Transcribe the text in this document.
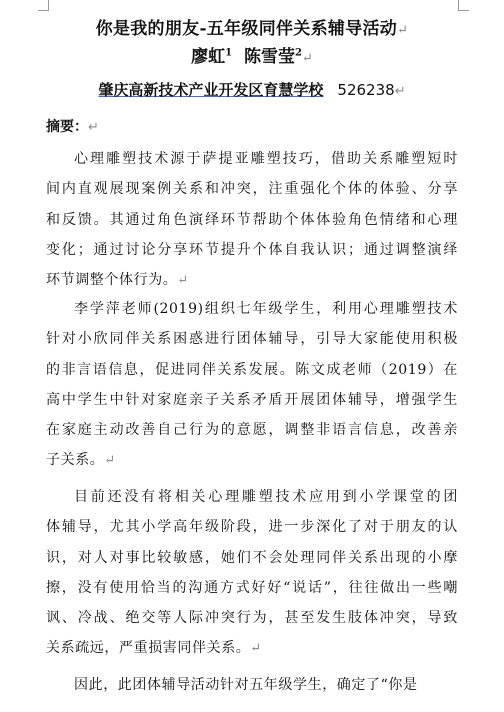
你是我的朋友-五年级同伴关系辅导活动↵
廖虹$^1$ 陈雪莹$^2$↵
肇庆高新技术产业开发区育慧学校 526238↵
摘要：↵
心理雕塑技术源于萨提亚雕塑技巧，借助关系雕塑短时
间内直观展现案例关系和冲突，注重强化个体的体验、分享
和反馈。其通过角色演绎环节帮助个体体验角色情绪和心理
变化；通过讨论分享环节提升个体自我认识；通过调整演绎
环节调整个体行为。↵
李学萍老师(2019)组织七年级学生，利用心理雕塑技术
针对小欣同伴关系困惑进行团体辅导，引导大家能使用积极
的非言语信息，促进同伴关系发展。陈文成老师（2019）在
高中学生中针对家庭亲子关系矛盾开展团体辅导，增强学生
在家庭主动改善自己行为的意愿，调整非语言信息，改善亲
子关系。↵
目前还没有将相关心理雕塑技术应用到小学课堂的团
体辅导，尤其小学高年级阶段，进一步深化了对于朋友的认
识，对人对事比较敏感，她们不会处理同伴关系出现的小摩
擦，没有使用恰当的沟通方式好好“说话”，往往做出一些嘲
讽、冷战、绝交等人际冲突行为，甚至发生肢体冲突，导致
关系疏远，严重损害同伴关系。↵
因此，此团体辅导活动针对五年级学生，确定了“你是
